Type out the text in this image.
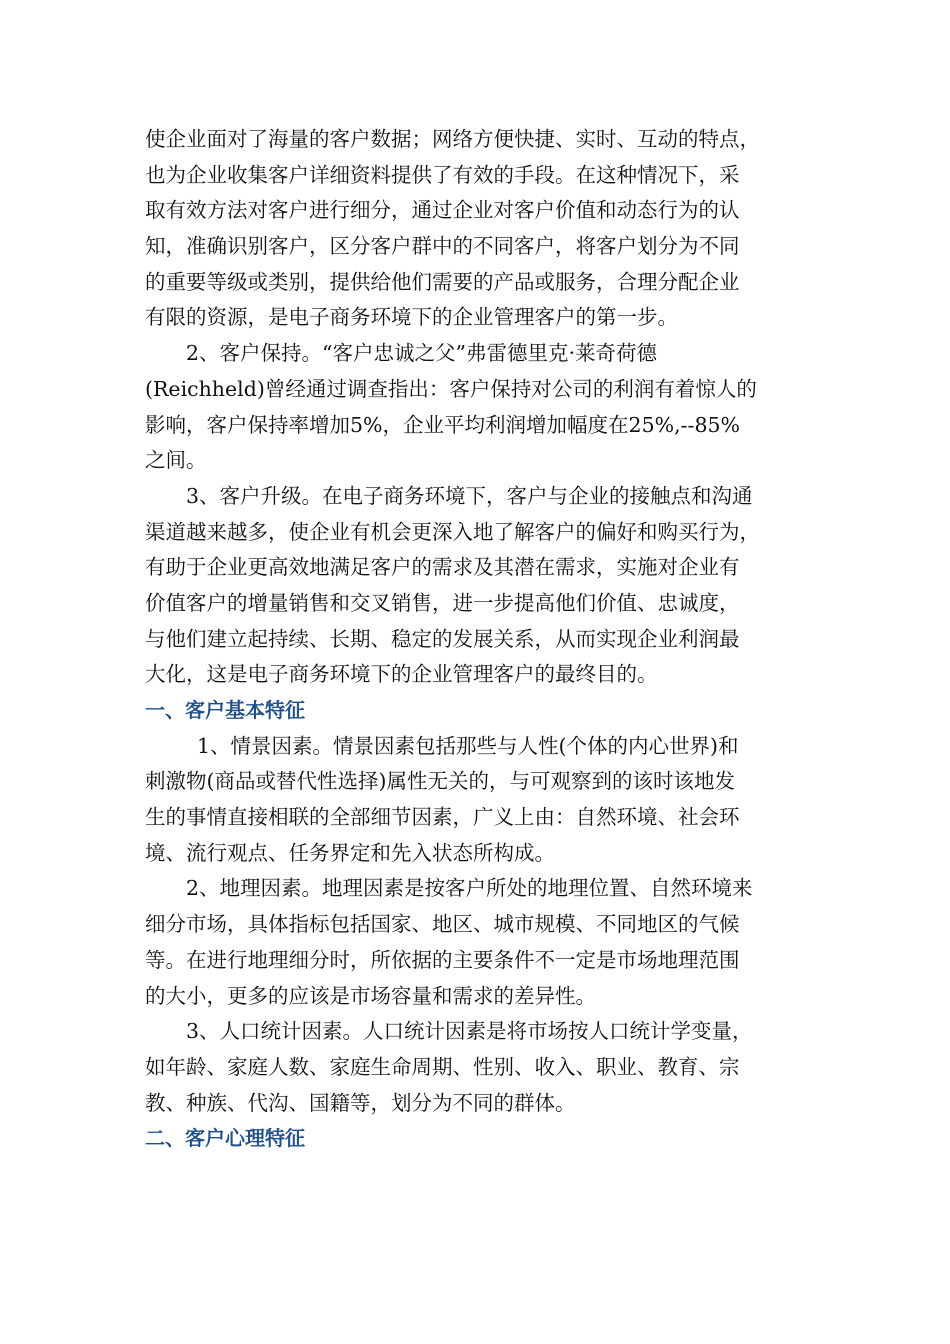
使企业面对了海量的客户数据；网络方便快捷、实时、互动的特点，
也为企业收集客户详细资料提供了有效的手段。在这种情况下，采
取有效方法对客户进行细分，通过企业对客户价值和动态行为的认
知，准确识别客户，区分客户群中的不同客户，将客户划分为不同
的重要等级或类别，提供给他们需要的产品或服务，合理分配企业
有限的资源，是电子商务环境下的企业管理客户的第一步。
2、客户保持。“客户忠诚之父”弗雷德里克·莱奇荷德
(Reichheld)曾经通过调查指出：客户保持对公司的利润有着惊人的
影响，客户保持率增加5%，企业平均利润增加幅度在25%,--85%
之间。
3、客户升级。在电子商务环境下，客户与企业的接触点和沟通
渠道越来越多，使企业有机会更深入地了解客户的偏好和购买行为，
有助于企业更高效地满足客户的需求及其潜在需求，实施对企业有
价值客户的增量销售和交叉销售，进一步提高他们价值、忠诚度，
与他们建立起持续、长期、稳定的发展关系，从而实现企业利润最
大化，这是电子商务环境下的企业管理客户的最终目的。
一、客户基本特征
1、情景因素。情景因素包括那些与人性(个体的内心世界)和
刺激物(商品或替代性选择)属性无关的，与可观察到的该时该地发
生的事情直接相联的全部细节因素，广义上由：自然环境、社会环
境、流行观点、任务界定和先入状态所构成。
2、地理因素。地理因素是按客户所处的地理位置、自然环境来
细分市场，具体指标包括国家、地区、城市规模、不同地区的气候
等。在进行地理细分时，所依据的主要条件不一定是市场地理范围
的大小，更多的应该是市场容量和需求的差异性。
3、人口统计因素。人口统计因素是将市场按人口统计学变量，
如年龄、家庭人数、家庭生命周期、性别、收入、职业、教育、宗
教、种族、代沟、国籍等，划分为不同的群体。
二、客户心理特征
